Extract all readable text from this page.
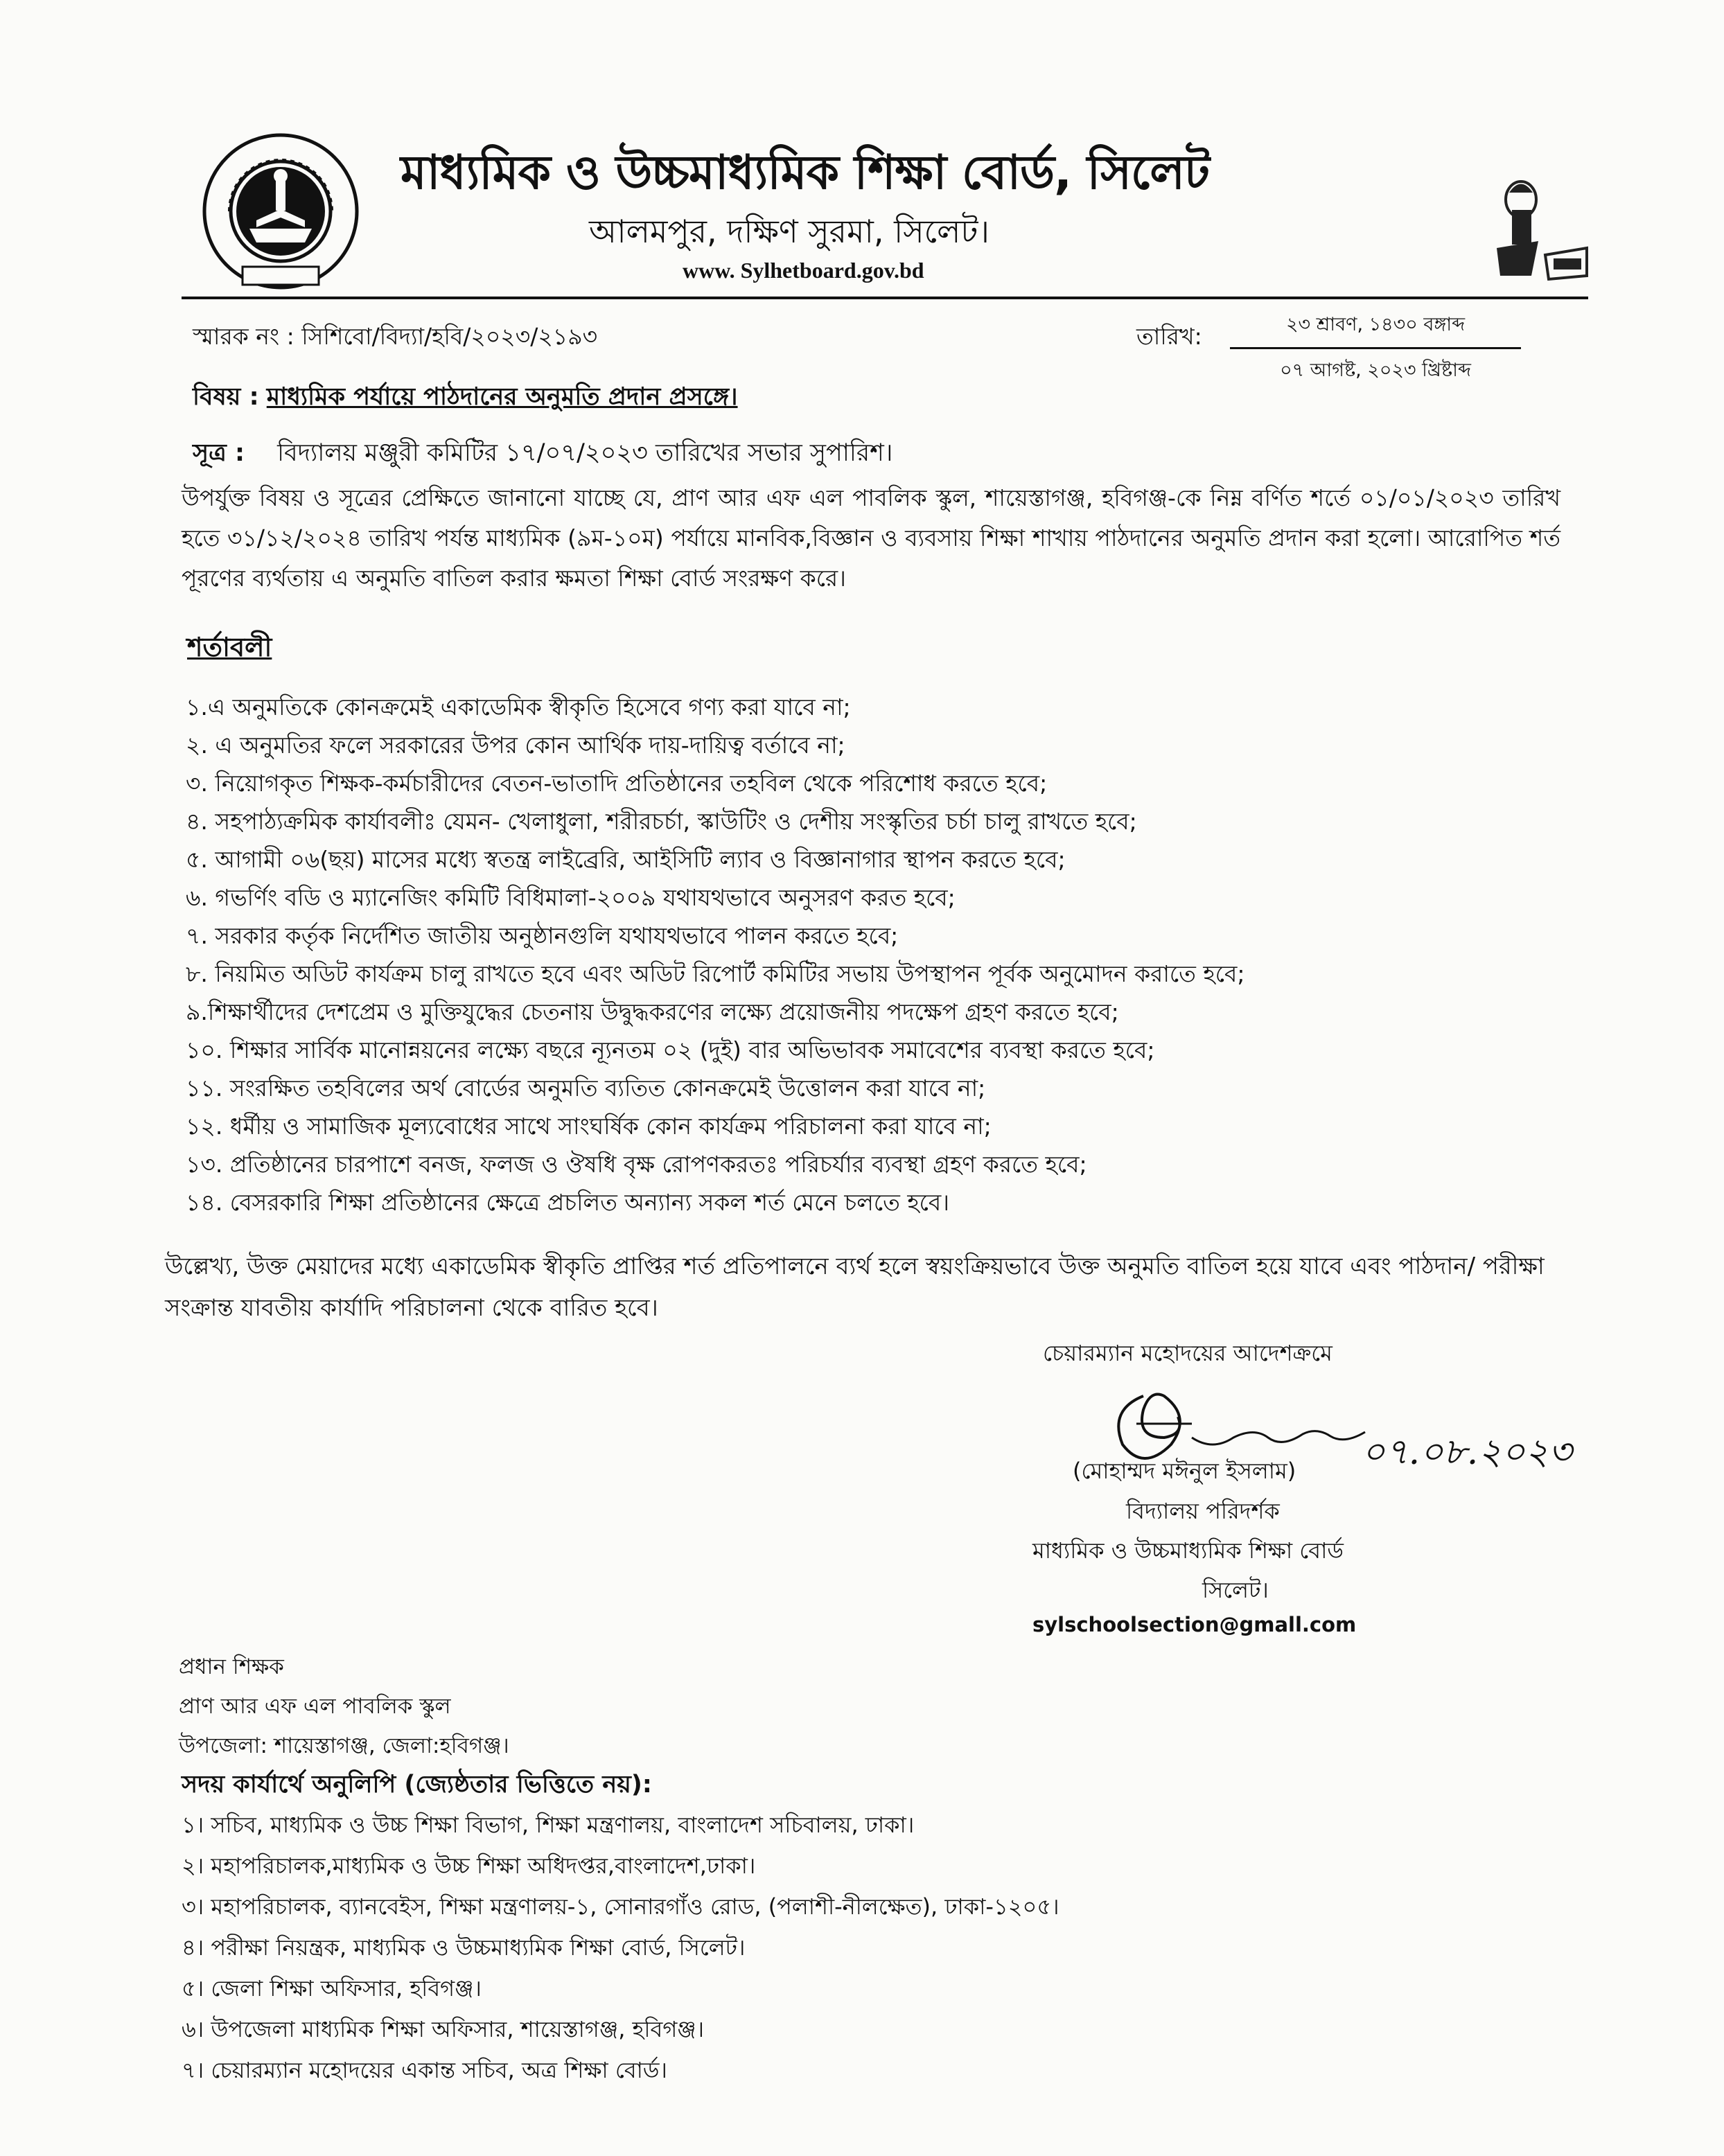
মাধ্যমিক ও উচ্চমাধ্যমিক শিক্ষা বোর্ড, সিলেট
আলমপুর, দক্ষিণ সুরমা, সিলেট।
www. Sylhetboard.gov.bd
স্মারক নং : সিশিবো/বিদ্যা/হবি/২০২৩/২১৯৩	তারিখ:	২৩ শ্রাবণ, ১৪৩০ বঙ্গাব্দ
০৭ আগষ্ট, ২০২৩ খ্রিষ্টাব্দ
বিষয় : মাধ্যমিক পর্যায়ে পাঠদানের অনুমতি প্রদান প্রসঙ্গে।
সূত্র : বিদ্যালয় মঞ্জুরী কমিটির ১৭/০৭/২০২৩ তারিখের সভার সুপারিশ।
উপর্যুক্ত বিষয় ও সূত্রের প্রেক্ষিতে জানানো যাচ্ছে যে, প্রাণ আর এফ এল পাবলিক স্কুল, শায়েস্তাগঞ্জ, হবিগঞ্জ-কে নিম্ন বর্ণিত শর্তে ০১/০১/২০২৩ তারিখ হতে ৩১/১২/২০২৪ তারিখ পর্যন্ত মাধ্যমিক (৯ম-১০ম) পর্যায়ে মানবিক,বিজ্ঞান ও ব্যবসায় শিক্ষা শাখায় পাঠদানের অনুমতি প্রদান করা হলো। আরোপিত শর্ত পূরণের ব্যর্থতায় এ অনুমতি বাতিল করার ক্ষমতা শিক্ষা বোর্ড সংরক্ষণ করে।
শর্তাবলী
১.এ অনুমতিকে কোনক্রমেই একাডেমিক স্বীকৃতি হিসেবে গণ্য করা যাবে না;
২. এ অনুমতির ফলে সরকারের উপর কোন আর্থিক দায়-দায়িত্ব বর্তাবে না;
৩. নিয়োগকৃত শিক্ষক-কর্মচারীদের বেতন-ভাতাদি প্রতিষ্ঠানের তহবিল থেকে পরিশোধ করতে হবে;
৪. সহপাঠ্যক্রমিক কার্যাবলীঃ যেমন- খেলাধুলা, শরীরচর্চা, স্কাউটিং ও দেশীয় সংস্কৃতির চর্চা চালু রাখতে হবে;
৫. আগামী ০৬(ছয়) মাসের মধ্যে স্বতন্ত্র লাইব্রেরি, আইসিটি ল্যাব ও বিজ্ঞানাগার স্থাপন করতে হবে;
৬. গভর্ণিং বডি ও ম্যানেজিং কমিটি বিধিমালা-২০০৯ যথাযথভাবে অনুসরণ করত হবে;
৭. সরকার কর্তৃক নির্দেশিত জাতীয় অনুষ্ঠানগুলি যথাযথভাবে পালন করতে হবে;
৮. নিয়মিত অডিট কার্যক্রম চালু রাখতে হবে এবং অডিট রিপোর্ট কমিটির সভায় উপস্থাপন পূর্বক অনুমোদন করাতে হবে;
৯.শিক্ষার্থীদের দেশপ্রেম ও মুক্তিযুদ্ধের চেতনায় উদ্বুদ্ধকরণের লক্ষ্যে প্রয়োজনীয় পদক্ষেপ গ্রহণ করতে হবে;
১০. শিক্ষার সার্বিক মানোন্নয়নের লক্ষ্যে বছরে ন্যূনতম ০২ (দুই) বার অভিভাবক সমাবেশের ব্যবস্থা করতে হবে;
১১. সংরক্ষিত তহবিলের অর্থ বোর্ডের অনুমতি ব্যতিত কোনক্রমেই উত্তোলন করা যাবে না;
১২. ধর্মীয় ও সামাজিক মূল্যবোধের সাথে সাংঘর্ষিক কোন কার্যক্রম পরিচালনা করা যাবে না;
১৩. প্রতিষ্ঠানের চারপাশে বনজ, ফলজ ও ঔষধি বৃক্ষ রোপণকরতঃ পরিচর্যার ব্যবস্থা গ্রহণ করতে হবে;
১৪. বেসরকারি শিক্ষা প্রতিষ্ঠানের ক্ষেত্রে প্রচলিত অন্যান্য সকল শর্ত মেনে চলতে হবে।
উল্লেখ্য, উক্ত মেয়াদের মধ্যে একাডেমিক স্বীকৃতি প্রাপ্তির শর্ত প্রতিপালনে ব্যর্থ হলে স্বয়ংক্রিয়ভাবে উক্ত অনুমতি বাতিল হয়ে যাবে এবং পাঠদান/ পরীক্ষা সংক্রান্ত যাবতীয় কার্যাদি পরিচালনা থেকে বারিত হবে।
চেয়ারম্যান মহোদয়ের আদেশক্রমে
০৭.০৮.২০২৩
(মোহাম্মদ মঈনুল ইসলাম)
বিদ্যালয় পরিদর্শক
মাধ্যমিক ও উচ্চমাধ্যমিক শিক্ষা বোর্ড
সিলেট।
sylschoolsection@gmall.com
প্রধান শিক্ষক
প্রাণ আর এফ এল পাবলিক স্কুল
উপজেলা: শায়েস্তাগঞ্জ, জেলা:হবিগঞ্জ।
সদয় কার্যার্থে অনুলিপি (জ্যেষ্ঠতার ভিত্তিতে নয়):
১। সচিব, মাধ্যমিক ও উচ্চ শিক্ষা বিভাগ, শিক্ষা মন্ত্রণালয়, বাংলাদেশ সচিবালয়, ঢাকা।
২। মহাপরিচালক,মাধ্যমিক ও উচ্চ শিক্ষা অধিদপ্তর,বাংলাদেশ,ঢাকা।
৩। মহাপরিচালক, ব্যানবেইস, শিক্ষা মন্ত্রণালয়-১, সোনারগাঁও রোড, (পলাশী-নীলক্ষেত), ঢাকা-১২০৫।
৪। পরীক্ষা নিয়ন্ত্রক, মাধ্যমিক ও উচ্চমাধ্যমিক শিক্ষা বোর্ড, সিলেট।
৫। জেলা শিক্ষা অফিসার, হবিগঞ্জ।
৬। উপজেলা মাধ্যমিক শিক্ষা অফিসার, শায়েস্তাগঞ্জ, হবিগঞ্জ।
৭। চেয়ারম্যান মহোদয়ের একান্ত সচিব, অত্র শিক্ষা বোর্ড।
